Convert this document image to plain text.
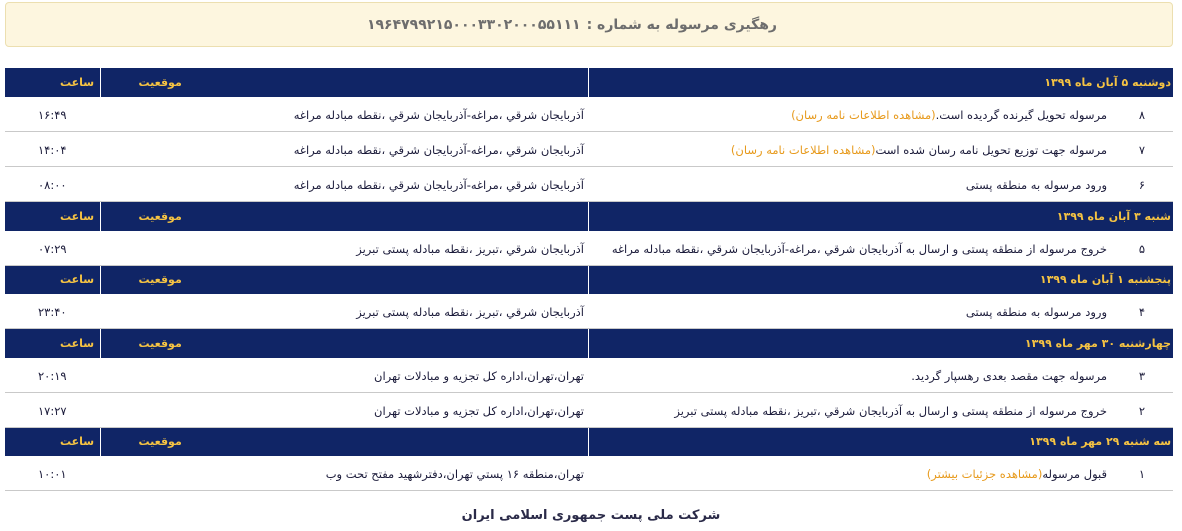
رهگیری مرسوله به شماره :
۱۹۶۴۷۹۹۲۱۵۰۰۰۳۳۰۲۰۰۰۵۵۱۱۱
دوشنبه ۵ آبان ماه ۱۳۹۹		موقعیت	ساعت

۸	مرسوله تحویل گیرنده گردیده است.(مشاهده اطلاعات نامه رسان)	آذربايجان شرقي ،مراغه-آذربايجان شرقي ،نقطه مبادله مراغه	۱۶:۴۹
۷	مرسوله جهت توزیع تحویل نامه رسان شده است(مشاهده اطلاعات نامه رسان)	آذربايجان شرقي ،مراغه-آذربايجان شرقي ،نقطه مبادله مراغه	۱۴:۰۴
۶	ورود مرسوله به منطقه پستی	آذربايجان شرقي ،مراغه-آذربايجان شرقي ،نقطه مبادله مراغه	۰۸:۰۰
شنبه ۳ آبان ماه ۱۳۹۹		موقعیت	ساعت

۵	خروج مرسوله از منطقه پستی و ارسال به آذربايجان شرقي ،مراغه-آذربايجان شرقي ،نقطه مبادله مراغه	آذربايجان شرقي ،تبريز ،نقطه مبادله پستی تبریز	۰۷:۲۹
پنجشنبه ۱ آبان ماه ۱۳۹۹		موقعیت	ساعت

۴	ورود مرسوله به منطقه پستی	آذربايجان شرقي ،تبريز ،نقطه مبادله پستی تبریز	۲۳:۴۰
چهارشنبه ۳۰ مهر ماه ۱۳۹۹		موقعیت	ساعت

۳	مرسوله جهت مقصد بعدی رهسپار گردید.	تهران،تهران،اداره کل تجزیه و مبادلات تهران	۲۰:۱۹
۲	خروج مرسوله از منطقه پستی و ارسال به آذربايجان شرقي ،تبريز ،نقطه مبادله پستی تبریز	تهران،تهران،اداره کل تجزیه و مبادلات تهران	۱۷:۲۷
سه شنبه ۲۹ مهر ماه ۱۳۹۹		موقعیت	ساعت

۱	قبول مرسوله(مشاهده جزئيات بيشتر)	تهران،منطقه ۱۶ پستي تهران،دفترشهید مفتح تحت وب	۱۰:۰۱
شرکت ملی پست جمهوری اسلامی ایران
